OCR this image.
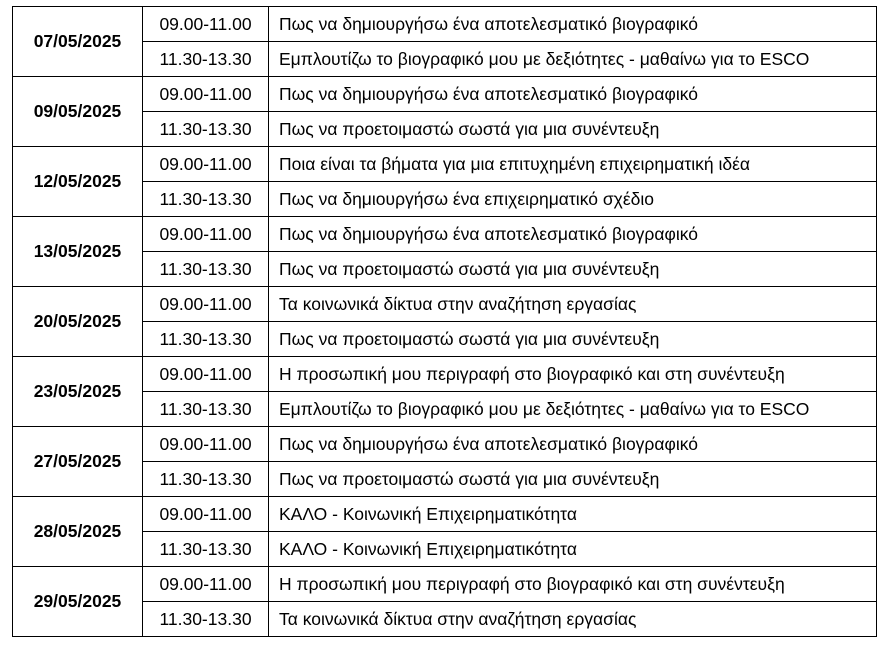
07/05/2025	09.00-11.00	Πως να δημιουργήσω ένα αποτελεσματικό βιογραφικό
	11.30-13.30	Εμπλουτίζω το βιογραφικό μου με δεξιότητες - μαθαίνω για το ESCO
09/05/2025	09.00-11.00	Πως να δημιουργήσω ένα αποτελεσματικό βιογραφικό
	11.30-13.30	Πως να προετοιμαστώ σωστά για μια συνέντευξη
12/05/2025	09.00-11.00	Ποια είναι τα βήματα για μια επιτυχημένη επιχειρηματική ιδέα
	11.30-13.30	Πως να δημιουργήσω ένα επιχειρηματικό σχέδιο
13/05/2025	09.00-11.00	Πως να δημιουργήσω ένα αποτελεσματικό βιογραφικό
	11.30-13.30	Πως να προετοιμαστώ σωστά για μια συνέντευξη
20/05/2025	09.00-11.00	Τα κοινωνικά δίκτυα στην αναζήτηση εργασίας
	11.30-13.30	Πως να προετοιμαστώ σωστά για μια συνέντευξη
23/05/2025	09.00-11.00	Η προσωπική μου περιγραφή στο βιογραφικό και στη συνέντευξη
	11.30-13.30	Εμπλουτίζω το βιογραφικό μου με δεξιότητες - μαθαίνω για το ESCO
27/05/2025	09.00-11.00	Πως να δημιουργήσω ένα αποτελεσματικό βιογραφικό
	11.30-13.30	Πως να προετοιμαστώ σωστά για μια συνέντευξη
28/05/2025	09.00-11.00	ΚΑΛΟ - Κοινωνική Επιχειρηματικότητα
	11.30-13.30	ΚΑΛΟ - Κοινωνική Επιχειρηματικότητα
29/05/2025	09.00-11.00	Η προσωπική μου περιγραφή στο βιογραφικό και στη συνέντευξη
	11.30-13.30	Τα κοινωνικά δίκτυα στην αναζήτηση εργασίας
